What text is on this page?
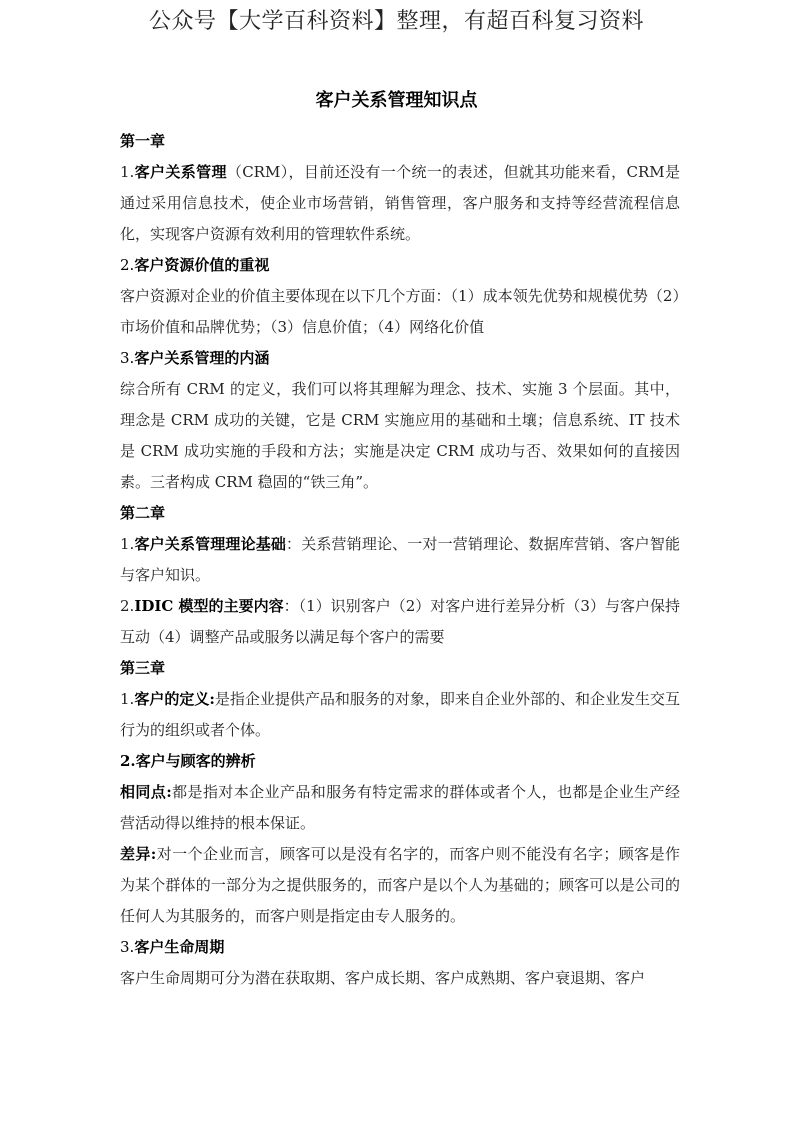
公众号【大学百科资料】整理，有超百科复习资料
客户关系管理知识点
第一章
1.客户关系管理（CRM），目前还没有一个统一的表述，但就其功能来看，CRM是通过采用信息技术，使企业市场营销，销售管理，客户服务和支持等经营流程信息化，实现客户资源有效利用的管理软件系统。
2.客户资源价值的重视
客户资源对企业的价值主要体现在以下几个方面：（1）成本领先优势和规模优势（2）市场价值和品牌优势；（3）信息价值；（4）网络化价值
3.客户关系管理的内涵
综合所有 CRM 的定义，我们可以将其理解为理念、技术、实施 3 个层面。其中，理念是 CRM 成功的关键，它是 CRM 实施应用的基础和土壤；信息系统、IT 技术是 CRM 成功实施的手段和方法；实施是决定 CRM 成功与否、效果如何的直接因素。三者构成 CRM 稳固的“铁三角”。
第二章
1.客户关系管理理论基础：关系营销理论、一对一营销理论、数据库营销、客户智能与客户知识。
2.IDIC 模型的主要内容：（1）识别客户（2）对客户进行差异分析（3）与客户保持互动（4）调整产品或服务以满足每个客户的需要
第三章
1.客户的定义:是指企业提供产品和服务的对象，即来自企业外部的、和企业发生交互行为的组织或者个体。
2.客户与顾客的辨析
相同点:都是指对本企业产品和服务有特定需求的群体或者个人，也都是企业生产经营活动得以维持的根本保证。
差异:对一个企业而言，顾客可以是没有名字的，而客户则不能没有名字；顾客是作为某个群体的一部分为之提供服务的，而客户是以个人为基础的；顾客可以是公司的任何人为其服务的，而客户则是指定由专人服务的。
3.客户生命周期
客户生命周期可分为潜在获取期、客户成长期、客户成熟期、客户衰退期、客户
